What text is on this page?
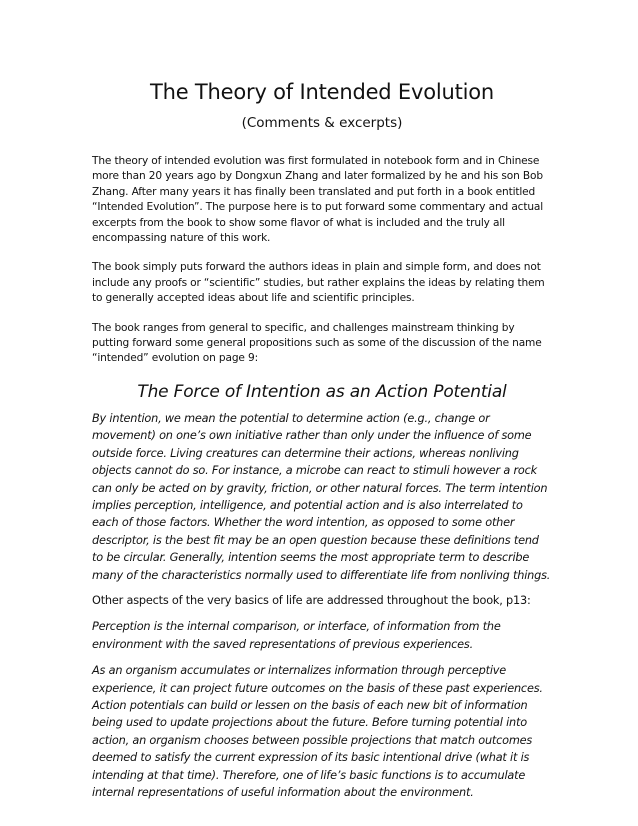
The Theory of Intended Evolution

(Comments & excerpts)

The theory of intended evolution was first formulated in notebook form and in Chinese more than 20 years ago by Dongxun Zhang and later formalized by he and his son Bob Zhang. After many years it has finally been translated and put forth in a book entitled “Intended Evolution”. The purpose here is to put forward some commentary and actual excerpts from the book to show some flavor of what is included and the truly all encompassing nature of this work.

The book simply puts forward the authors ideas in plain and simple form, and does not include any proofs or “scientific” studies, but rather explains the ideas by relating them to generally accepted ideas about life and scientific principles.

The book ranges from general to specific, and challenges mainstream thinking by putting forward some general propositions such as some of the discussion of the name “intended” evolution on page 9:

The Force of Intention as an Action Potential

By intention, we mean the potential to determine action (e.g., change or movement) on one’s own initiative rather than only under the influence of some outside force. Living creatures can determine their actions, whereas nonliving objects cannot do so. For instance, a microbe can react to stimuli however a rock can only be acted on by gravity, friction, or other natural forces. The term intention implies perception, intelligence, and potential action and is also interrelated to each of those factors. Whether the word intention, as opposed to some other descriptor, is the best fit may be an open question because these definitions tend to be circular. Generally, intention seems the most appropriate term to describe many of the characteristics normally used to differentiate life from nonliving things.

Other aspects of the very basics of life are addressed throughout the book, p13:

Perception is the internal comparison, or interface, of information from the environment with the saved representations of previous experiences.

As an organism accumulates or internalizes information through perceptive experience, it can project future outcomes on the basis of these past experiences. Action potentials can build or lessen on the basis of each new bit of information being used to update projections about the future. Before turning potential into action, an organism chooses between possible projections that match outcomes deemed to satisfy the current expression of its basic intentional drive (what it is intending at that time). Therefore, one of life’s basic functions is to accumulate internal representations of useful information about the environment.
